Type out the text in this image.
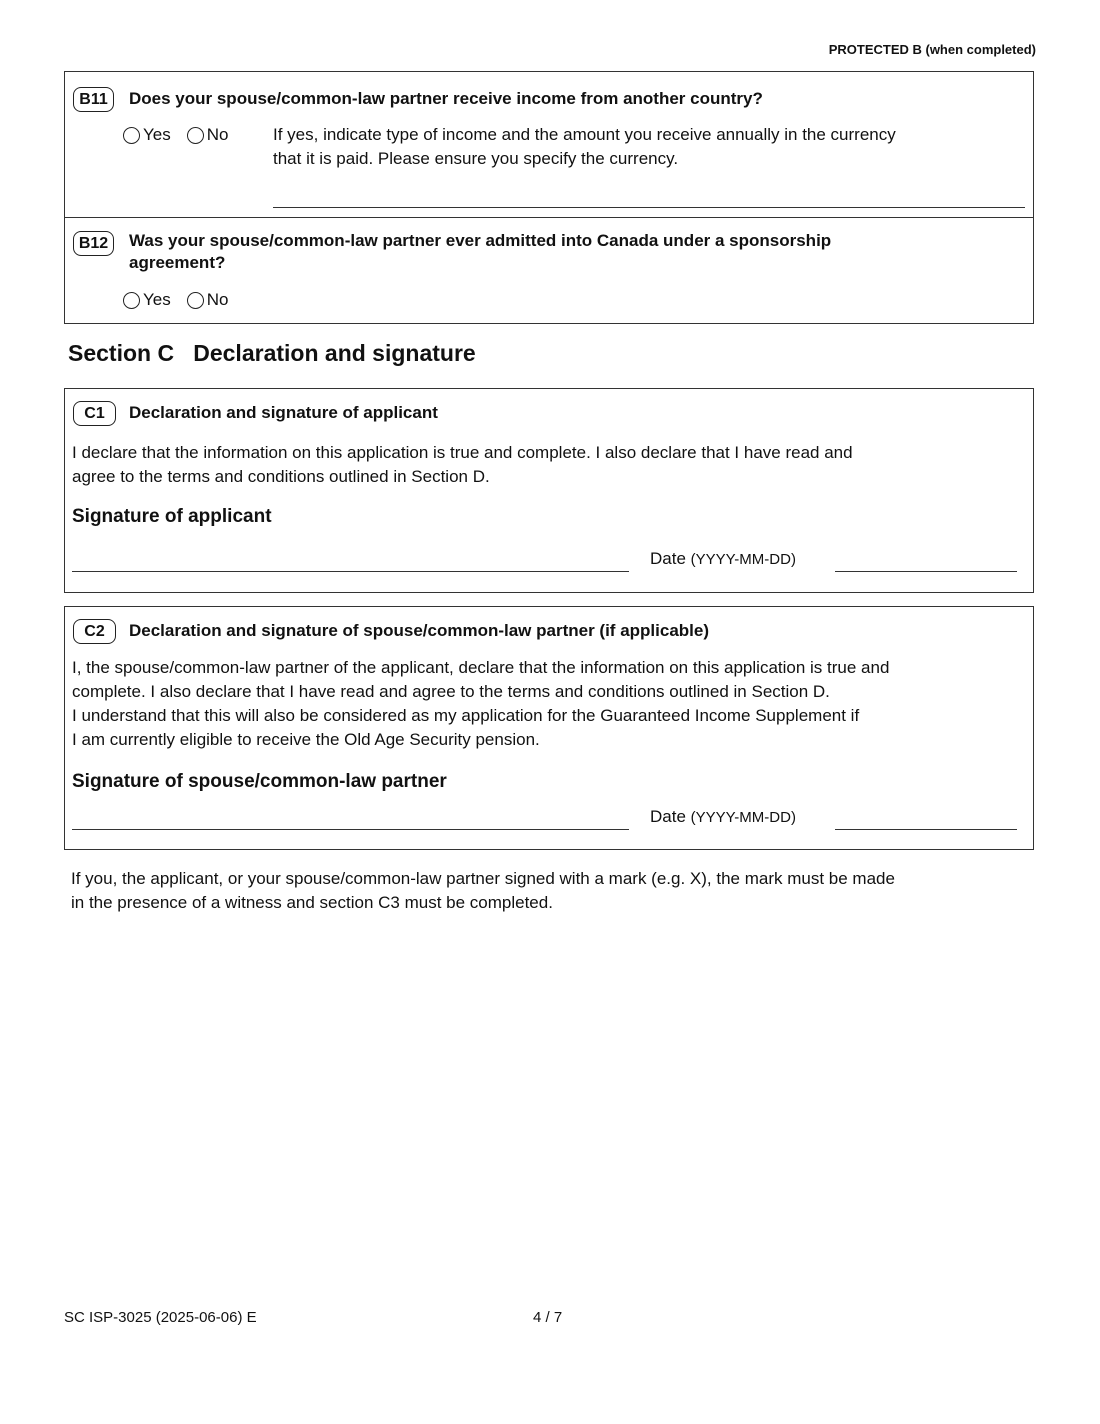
PROTECTED B (when completed)
B11	Does your spouse/common-law partner receive income from another country?
Yes No	If yes, indicate type of income and the amount you receive annually in the currency
that it is paid. Please ensure you specify the currency.
B12	Was your spouse/common-law partner ever admitted into Canada under a sponsorship
agreement?
Yes No
Section C   Declaration and signature
C1	Declaration and signature of applicant
I declare that the information on this application is true and complete. I also declare that I have read and
agree to the terms and conditions outlined in Section D.
Signature of applicant
Date (YYYY-MM-DD)
C2	Declaration and signature of spouse/common-law partner (if applicable)
I, the spouse/common-law partner of the applicant, declare that the information on this application is true and
complete. I also declare that I have read and agree to the terms and conditions outlined in Section D.
I understand that this will also be considered as my application for the Guaranteed Income Supplement if
I am currently eligible to receive the Old Age Security pension.
Signature of spouse/common-law partner
Date (YYYY-MM-DD)
If you, the applicant, or your spouse/common-law partner signed with a mark (e.g. X), the mark must be made
in the presence of a witness and section C3 must be completed.
SC ISP-3025 (2025-06-06) E	4 / 7
